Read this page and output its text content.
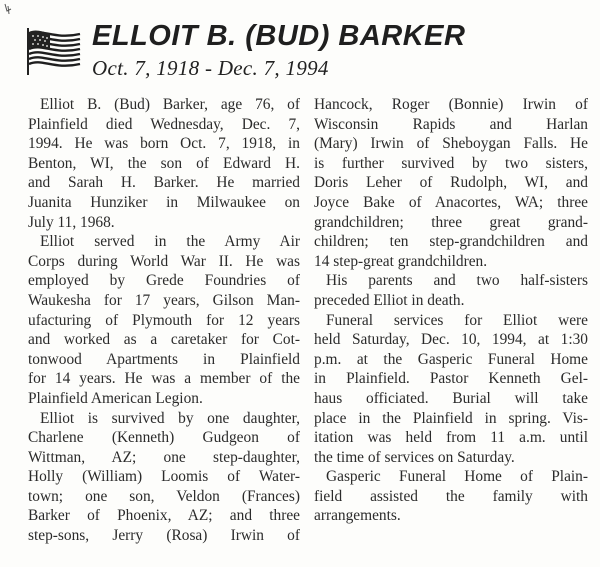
ELLOIT B. (BUD) BARKER
Oct. 7, 1918 - Dec. 7, 1994
Elliot B. (Bud) Barker, age 76, of
Plainfield died Wednesday, Dec. 7,
1994. He was born Oct. 7, 1918, in
Benton, WI, the son of Edward H.
and Sarah H. Barker. He married
Juanita Hunziker in Milwaukee on
July 11, 1968.
Elliot served in the Army Air
Corps during World War II. He was
employed by Grede Foundries of
Waukesha for 17 years, Gilson Man-
ufacturing of Plymouth for 12 years
and worked as a caretaker for Cot-
tonwood Apartments in Plainfield
for 14 years. He was a member of the
Plainfield American Legion.
Elliot is survived by one daughter,
Charlene (Kenneth) Gudgeon of
Wittman, AZ; one step-daughter,
Holly (William) Loomis of Water-
town; one son, Veldon (Frances)
Barker of Phoenix, AZ; and three
step-sons, Jerry (Rosa) Irwin of
Hancock, Roger (Bonnie) Irwin of
Wisconsin Rapids and Harlan
(Mary) Irwin of Sheboygan Falls. He
is further survived by two sisters,
Doris Leher of Rudolph, WI, and
Joyce Bake of Anacortes, WA; three
grandchildren; three great grand-
children; ten step-grandchildren and
14 step-great grandchildren.
His parents and two half-sisters
preceded Elliot in death.
Funeral services for Elliot were
held Saturday, Dec. 10, 1994, at 1:30
p.m. at the Gasperic Funeral Home
in Plainfield. Pastor Kenneth Gel-
haus officiated. Burial will take
place in the Plainfield in spring. Vis-
itation was held from 11 a.m. until
the time of services on Saturday.
Gasperic Funeral Home of Plain-
field assisted the family with
arrangements.
